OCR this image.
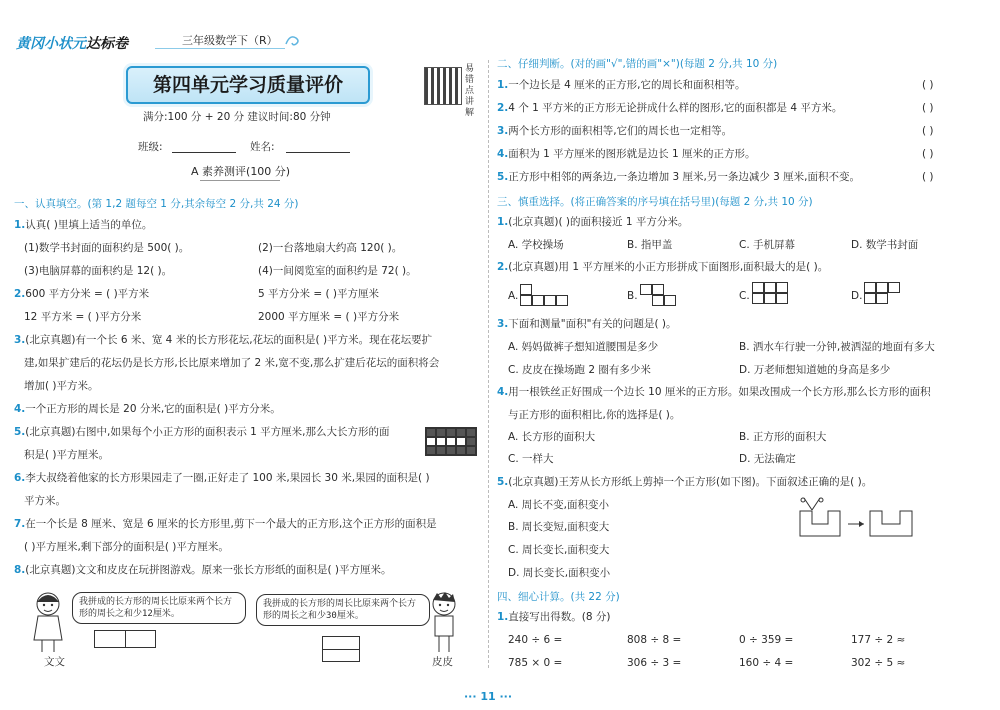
黄冈小状元达标卷	三年级数学下（R）
第四单元学习质量评价
易错点讲解
满分:100 分 + 20 分 建议时间:80 分钟
班级:	姓名:
A 素养测评(100 分)
一、认真填空。(第 1,2 题每空 1 分,其余每空 2 分,共 24 分)
1.认真( )里填上适当的单位。
(1)数学书封面的面积约是 500( )。	(2)一台落地扇大约高 120( )。
(3)电脑屏幕的面积约是 12( )。	(4)一间阅览室的面积约是 72( )。
2.600 平方分米 = ( )平方米	5 平方分米 = ( )平方厘米
12 平方米 = ( )平方分米	2000 平方厘米 = ( )平方分米
3.(北京真题)有一个长 6 米、宽 4 米的长方形花坛,花坛的面积是( )平方米。现在花坛要扩
建,如果扩建后的花坛仍是长方形,长比原来增加了 2 米,宽不变,那么扩建后花坛的面积将会
增加( )平方米。
4.一个正方形的周长是 20 分米,它的面积是( )平方分米。
5.(北京真题)右图中,如果每个小正方形的面积表示 1 平方厘米,那么大长方形的面
积是( )平方厘米。
6.李大叔绕着他家的长方形果园走了一圈,正好走了 100 米,果园长 30 米,果园的面积是( )
平方米。
7.在一个长是 8 厘米、宽是 6 厘米的长方形里,剪下一个最大的正方形,这个正方形的面积是
( )平方厘米,剩下部分的面积是( )平方厘米。
8.(北京真题)文文和皮皮在玩拼图游戏。原来一张长方形纸的面积是( )平方厘米。
我拼成的长方形的周长比原来两个长方形的周长之和少12厘米。
文文
我拼成的长方形的周长比原来两个长方形的周长之和少30厘米。
皮皮
二、仔细判断。(对的画"√",错的画"×")(每题 2 分,共 10 分)
1.一个边长是 4 厘米的正方形,它的周长和面积相等。	( )
2.4 个 1 平方米的正方形无论拼成什么样的图形,它的面积都是 4 平方米。	( )
3.两个长方形的面积相等,它们的周长也一定相等。	( )
4.面积为 1 平方厘米的图形就是边长 1 厘米的正方形。	( )
5.正方形中相邻的两条边,一条边增加 3 厘米,另一条边减少 3 厘米,面积不变。	( )
三、慎重选择。(将正确答案的序号填在括号里)(每题 2 分,共 10 分)
1.(北京真题)( )的面积接近 1 平方分米。
A. 学校操场	B. 指甲盖	C. 手机屏幕	D. 数学书封面
2.(北京真题)用 1 平方厘米的小正方形拼成下面图形,面积最大的是( )。
A.	B.	C.	D.
3.下面和测量"面积"有关的问题是( )。
A. 妈妈做裤子想知道腰围是多少	B. 洒水车行驶一分钟,被洒湿的地面有多大
C. 皮皮在操场跑 2 圈有多少米	D. 万老师想知道她的身高是多少
4.用一根铁丝正好围成一个边长 10 厘米的正方形。如果改围成一个长方形,那么长方形的面积
与正方形的面积相比,你的选择是( )。
A. 长方形的面积大	B. 正方形的面积大
C. 一样大	D. 无法确定
5.(北京真题)王芳从长方形纸上剪掉一个正方形(如下图)。下面叙述正确的是( )。
A. 周长不变,面积变小
B. 周长变短,面积变大
C. 周长变长,面积变大
D. 周长变长,面积变小
四、细心计算。(共 22 分)
1.直接写出得数。(8 分)
240 ÷ 6 =	808 ÷ 8 =	0 ÷ 359 =	177 ÷ 2 ≈
785 × 0 =	306 ÷ 3 =	160 ÷ 4 =	302 ÷ 5 ≈
··· 11 ···
